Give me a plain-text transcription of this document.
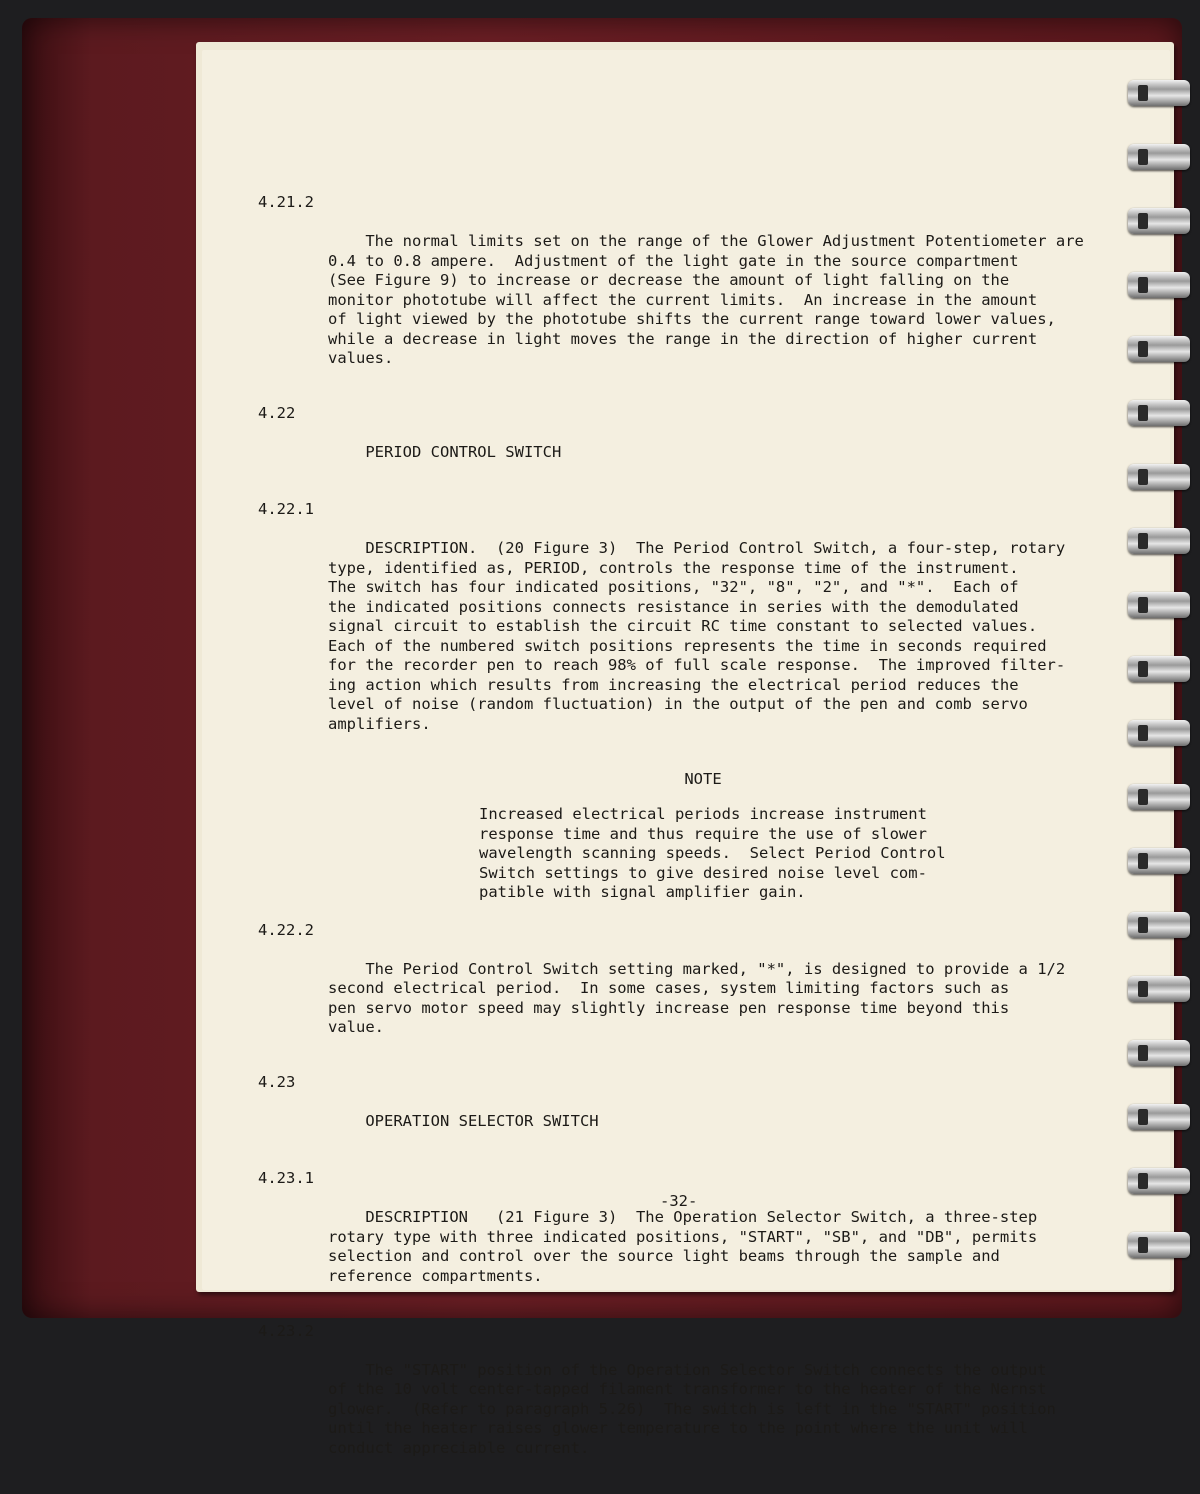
4.21.2

The normal limits set on the range of the Glower Adjustment Potentiometer are
0.4 to 0.8 ampere.  Adjustment of the light gate in the source compartment
(See Figure 9) to increase or decrease the amount of light falling on the
monitor phototube will affect the current limits.  An increase in the amount
of light viewed by the phototube shifts the current range toward lower values,
while a decrease in light moves the range in the direction of higher current
values.

4.22

PERIOD CONTROL SWITCH

4.22.1

DESCRIPTION.  (20 Figure 3)  The Period Control Switch, a four-step, rotary
type, identified as, PERIOD, controls the response time of the instrument.
The switch has four indicated positions, "32", "8", "2", and "*".  Each of
the indicated positions connects resistance in series with the demodulated
signal circuit to establish the circuit RC time constant to selected values.
Each of the numbered switch positions represents the time in seconds required
for the recorder pen to reach 98% of full scale response.  The improved filter-
ing action which results from increasing the electrical period reduces the
level of noise (random fluctuation) in the output of the pen and comb servo
amplifiers.

NOTE
Increased electrical periods increase instrument
response time and thus require the use of slower
wavelength scanning speeds.  Select Period Control
Switch settings to give desired noise level com-
patible with signal amplifier gain.

4.22.2

The Period Control Switch setting marked, "*", is designed to provide a 1/2
second electrical period.  In some cases, system limiting factors such as
pen servo motor speed may slightly increase pen response time beyond this
value.

4.23

OPERATION SELECTOR SWITCH

4.23.1

DESCRIPTION   (21 Figure 3)  The Operation Selector Switch, a three-step
rotary type with three indicated positions, "START", "SB", and "DB", permits
selection and control over the source light beams through the sample and
reference compartments.

4.23.2

The "START" position of the Operation Selector Switch connects the output
of the 10 volt center-tapped filament transformer to the heater of the Nernst
glower.  (Refer to paragraph 5.26)  The switch is left in the "START" position
until the heater raises glower temperature to the point where the unit will
conduct appreciable current.

-32-
